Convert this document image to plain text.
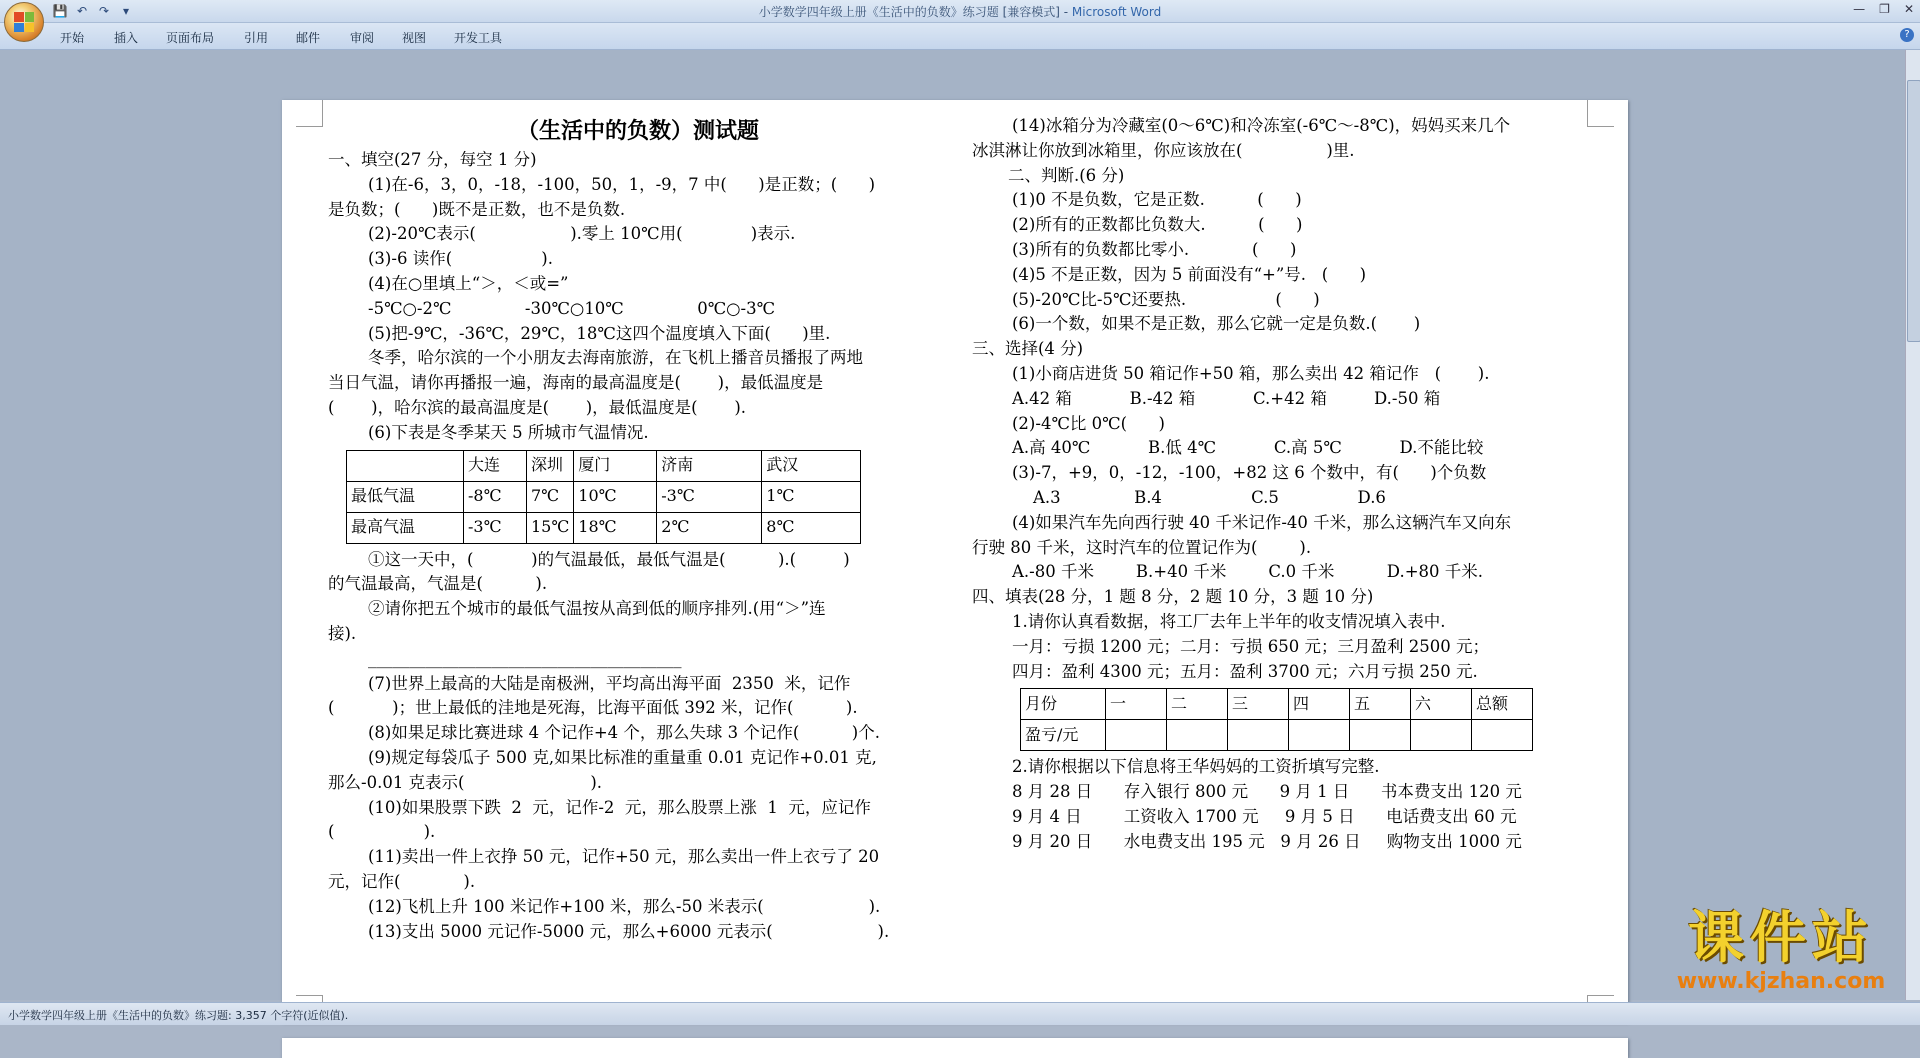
💾 ↶ ↷	▾	小学数学四年级上册《生活中的负数》练习题 [兼容模式] - Microsoft Word	— ❐ ✕
开始 插入 页面布局 引用 邮件 审阅 视图 开发工具	?

（生活中的负数）测试题

一、填空(27 分，每空 1 分)

(1)在-6，3，0，-18，-100，50，1，-9，7 中(      )是正数；(      )

是负数；(      )既不是正数，也不是负数.

(2)-20℃表示(                  ).零上 10℃用(             )表示.

(3)-6 读作(                 ).

(4)在○里填上“＞，＜或=”

-5℃○-2℃              -30℃○10℃              0℃○-3℃

(5)把-9℃，-36℃，29℃，18℃这四个温度填入下面(      )里.

冬季，哈尔滨的一个小朋友去海南旅游，在飞机上播音员播报了两地

当日气温，请你再播报一遍，海南的最高温度是(       )，最低温度是

(       )，哈尔滨的最高温度是(       )，最低温度是(       ).

(6)下表是冬季某天 5 所城市气温情况.

	大连	深圳	厦门	济南	武汉
最低气温	-8℃	7℃	10℃	-3℃	1℃
最高气温	-3℃	15℃	18℃	2℃	8℃

①这一天中，(           )的气温最低，最低气温是(          ).(         )

的气温最高，气温是(          ).

②请你把五个城市的最低气温按从高到低的顺序排列.(用“＞”连

接).

______________________________________

(7)世界上最高的大陆是南极洲，平均高出海平面  2350  米，记作

(           )；世上最低的洼地是死海，比海平面低 392 米，记作(          ).

(8)如果足球比赛进球 4 个记作+4 个，那么失球 3 个记作(          )个.

(9)规定每袋瓜子 500 克,如果比标准的重量重 0.01 克记作+0.01 克,

那么-0.01 克表示(                        ).

(10)如果股票下跌  2  元，记作-2  元，那么股票上涨  1  元，应记作

(                 ).

(11)卖出一件上衣挣 50 元，记作+50 元，那么卖出一件上衣亏了 20

元，记作(            ).

(12)飞机上升 100 米记作+100 米，那么-50 米表示(                    ).

(13)支出 5000 元记作-5000 元，那么+6000 元表示(                    ).

(14)冰箱分为冷藏室(0～6℃)和冷冻室(-6℃～-8℃)，妈妈买来几个

冰淇淋让你放到冰箱里，你应该放在(                )里.

二、判断.(6 分)

(1)0 不是负数，它是正数.          (      )

(2)所有的正数都比负数大.          (      )

(3)所有的负数都比零小.            (      )

(4)5 不是正数，因为 5 前面没有“+”号.   (      )

(5)-20℃比-5℃还要热.                 (      )

(6)一个数，如果不是正数，那么它就一定是负数.(       )

三、选择(4 分)

(1)小商店进货 50 箱记作+50 箱，那么卖出 42 箱记作   (       ).

A.42 箱           B.-42 箱           C.+42 箱         D.-50 箱

(2)-4℃比 0℃(      )

A.高 40℃           B.低 4℃           C.高 5℃           D.不能比较

(3)-7，+9，0，-12，-100，+82 这 6 个数中，有(      )个负数

A.3              B.4                 C.5               D.6

(4)如果汽车先向西行驶 40 千米记作-40 千米，那么这辆汽车又向东

行驶 80 千米，这时汽车的位置记作为(        ).

A.-80 千米        B.+40 千米        C.0 千米          D.+80 千米.

四、填表(28 分，1 题 8 分，2 题 10 分，3 题 10 分)

1.请你认真看数据，将工厂去年上半年的收支情况填入表中.

一月：亏损 1200 元；二月：亏损 650 元；三月盈利 2500 元；

四月：盈利 4300 元；五月：盈利 3700 元；六月亏损 250 元.

月份	一	二	三	四	五	六	总额
盈亏/元							

2.请你根据以下信息将王华妈妈的工资折填写完整.

8 月 28 日      存入银行 800 元      9 月 1 日      书本费支出 120 元

9 月 4 日        工资收入 1700 元     9 月 5 日      电话费支出 60 元

9 月 20 日      水电费支出 195 元   9 月 26 日     购物支出 1000 元

课件站
www.kjzhan.com
小学数学四年级上册《生活中的负数》练习题: 3,357 个字符(近似值).
